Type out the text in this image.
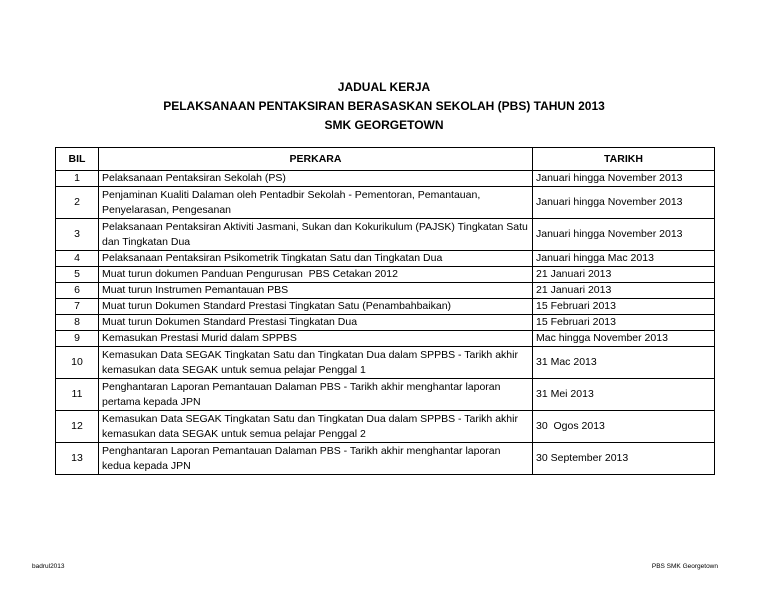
JADUAL KERJA
PELAKSANAAN PENTAKSIRAN BERASASKAN SEKOLAH (PBS) TAHUN 2013
SMK GEORGETOWN
BIL	PERKARA	TARIKH
1	Pelaksanaan Pentaksiran Sekolah (PS)	Januari hingga November 2013
2	Penjaminan Kualiti Dalaman oleh Pentadbir Sekolah - Pementoran, Pemantauan, Penyelarasan, Pengesanan	Januari hingga November 2013
3	Pelaksanaan Pentaksiran Aktiviti Jasmani, Sukan dan Kokurikulum (PAJSK) Tingkatan Satu dan Tingkatan Dua	Januari hingga November 2013
4	Pelaksanaan Pentaksiran Psikometrik Tingkatan Satu dan Tingkatan Dua	Januari hingga Mac 2013
5	Muat turun dokumen Panduan Pengurusan  PBS Cetakan 2012	21 Januari 2013
6	Muat turun Instrumen Pemantauan PBS	21 Januari 2013
7	Muat turun Dokumen Standard Prestasi Tingkatan Satu (Penambahbaikan)	15 Februari 2013
8	Muat turun Dokumen Standard Prestasi Tingkatan Dua	15 Februari 2013
9	Kemasukan Prestasi Murid dalam SPPBS	Mac hingga November 2013
10	Kemasukan Data SEGAK Tingkatan Satu dan Tingkatan Dua dalam SPPBS - Tarikh akhir kemasukan data SEGAK untuk semua pelajar Penggal 1	31 Mac 2013
11	Penghantaran Laporan Pemantauan Dalaman PBS - Tarikh akhir menghantar laporan pertama kepada JPN	31 Mei 2013
12	Kemasukan Data SEGAK Tingkatan Satu dan Tingkatan Dua dalam SPPBS - Tarikh akhir kemasukan data SEGAK untuk semua pelajar Penggal 2	30  Ogos 2013
13	Penghantaran Laporan Pemantauan Dalaman PBS - Tarikh akhir menghantar laporan kedua kepada JPN	30 September 2013
badrul2013	PBS SMK Georgetown
